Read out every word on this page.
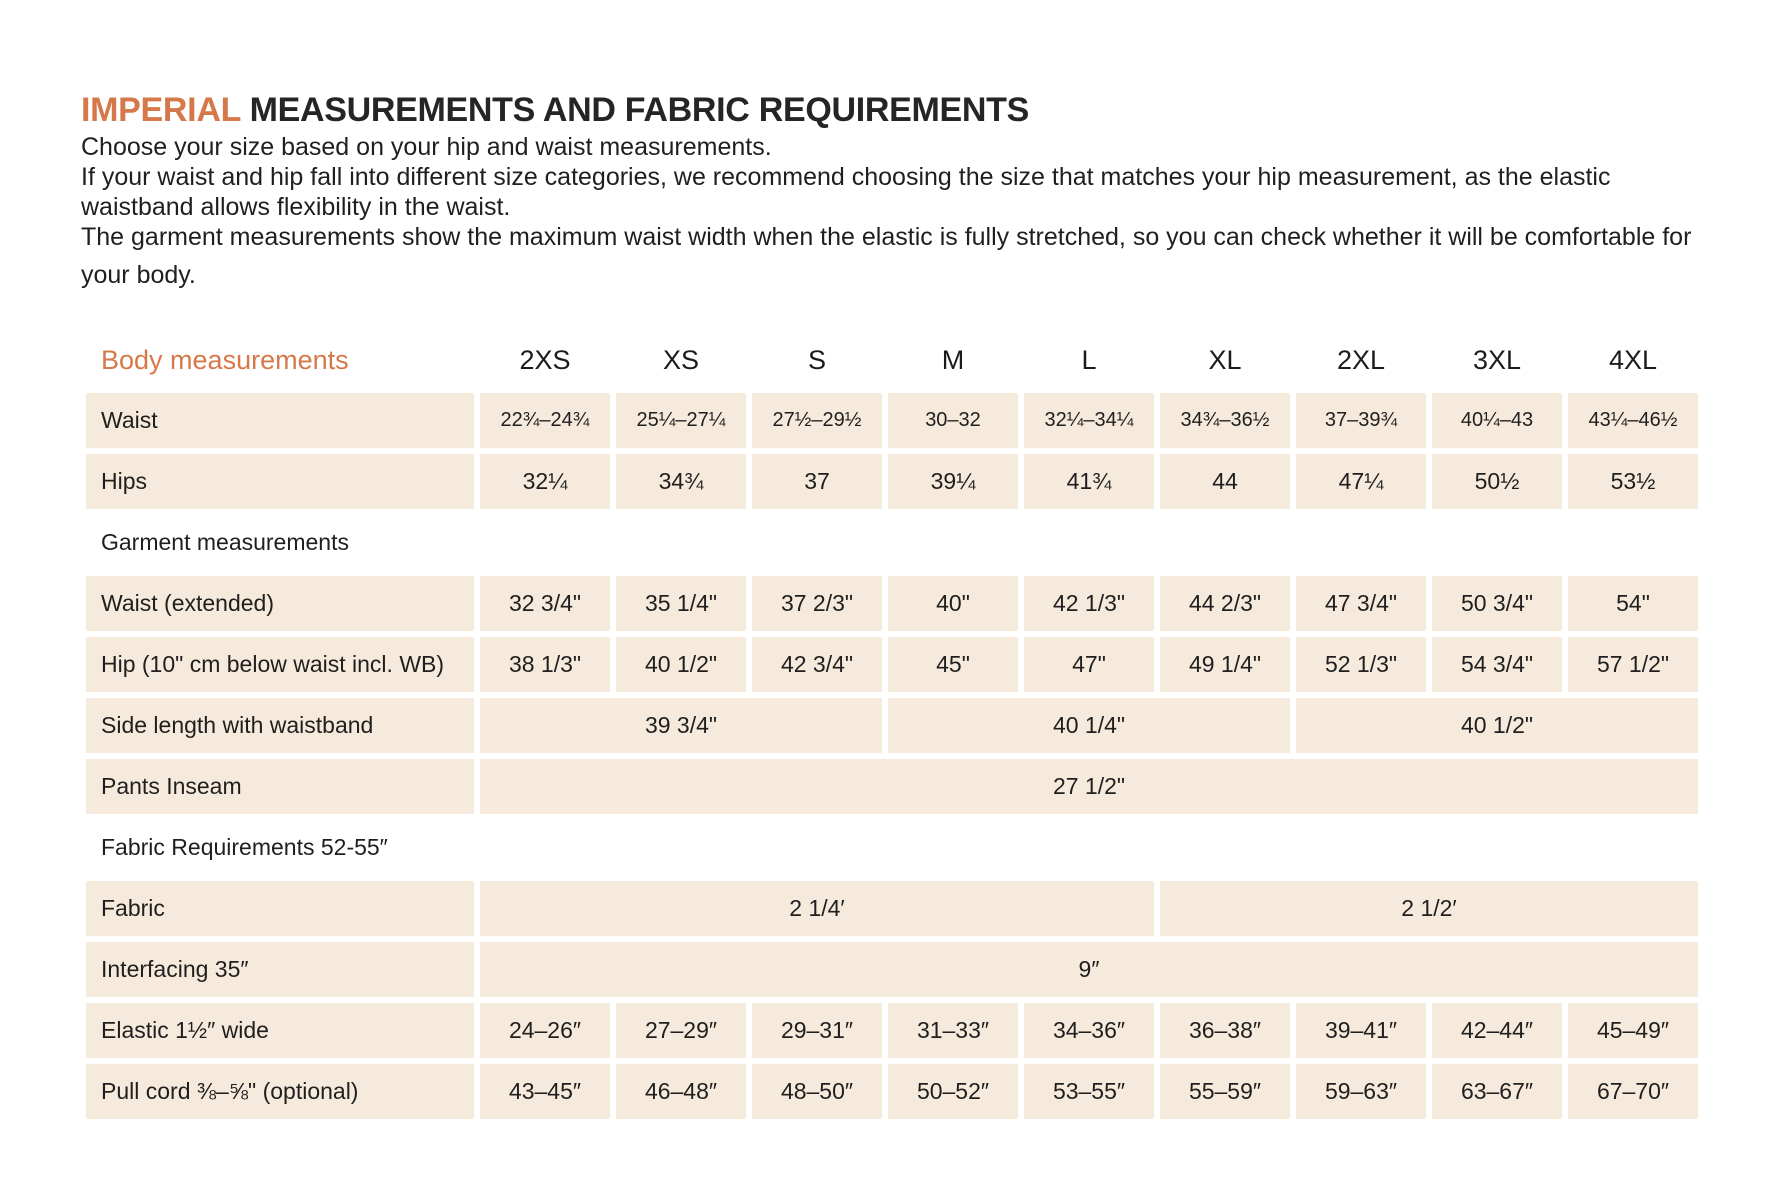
IMPERIAL MEASUREMENTS AND FABRIC REQUIREMENTS

Choose your size based on your hip and waist measurements.

If your waist and hip fall into different size categories, we recommend choosing the size that matches your hip measurement, as the elastic waistband allows flexibility in the waist.

The garment measurements show the maximum waist width when the elastic is fully stretched, so you can check whether it will be comfortable for your body.

Body measurements	2XS	XS	S	M	L	XL	2XL	3XL	4XL
Waist	22¾–24¾	25¼–27¼	27½–29½	30–32	32¼–34¼	34¾–36½	37–39¾	40¼–43	43¼–46½
Hips	32¼	34¾	37	39¼	41¾	44	47¼	50½	53½
Garment measurements									
Waist (extended)	32 3/4"	35 1/4"	37 2/3"	40"	42 1/3"	44 2/3"	47 3/4"	50 3/4"	54"
Hip (10" cm below waist incl. WB)	38 1/3"	40 1/2"	42 3/4"	45"	47"	49 1/4"	52 1/3"	54 3/4"	57 1/2"
Side length with waistband	39 3/4"			40 1/4"			40 1/2"		
Pants Inseam	27 1/2"								
Fabric Requirements 52-55″									
Fabric	2 1/4′					2 1/2′			
Interfacing 35″	9″								
Elastic 1½″ wide	24–26″	27–29″	29–31″	31–33″	34–36″	36–38″	39–41″	42–44″	45–49″
Pull cord ⅜–⅝" (optional)	43–45″	46–48″	48–50″	50–52″	53–55″	55–59″	59–63″	63–67″	67–70″
